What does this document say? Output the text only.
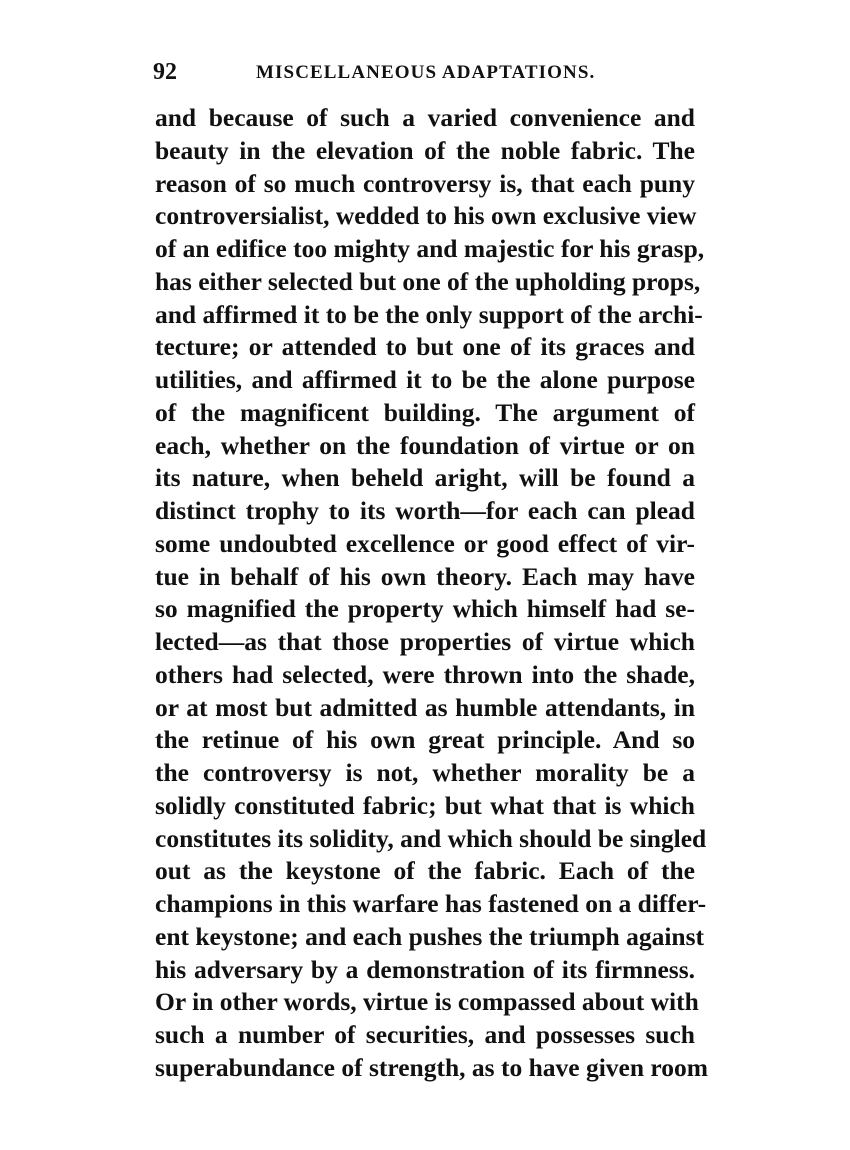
92	MISCELLANEOUS ADAPTATIONS.
and because of such a varied convenience and
beauty in the elevation of the noble fabric. The
reason of so much controversy is, that each puny
controversialist, wedded to his own exclusive view
of an edifice too mighty and majestic for his grasp,
has either selected but one of the upholding props,
and affirmed it to be the only support of the archi-
tecture; or attended to but one of its graces and
utilities, and affirmed it to be the alone purpose
of the magnificent building. The argument of
each, whether on the foundation of virtue or on
its nature, when beheld aright, will be found a
distinct trophy to its worth—for each can plead
some undoubted excellence or good effect of vir-
tue in behalf of his own theory. Each may have
so magnified the property which himself had se-
lected—as that those properties of virtue which
others had selected, were thrown into the shade,
or at most but admitted as humble attendants, in
the retinue of his own great principle. And so
the controversy is not, whether morality be a
solidly constituted fabric; but what that is which
constitutes its solidity, and which should be singled
out as the keystone of the fabric. Each of the
champions in this warfare has fastened on a differ-
ent keystone; and each pushes the triumph against
his adversary by a demonstration of its firmness.
Or in other words, virtue is compassed about with
such a number of securities, and possesses such
superabundance of strength, as to have given room
